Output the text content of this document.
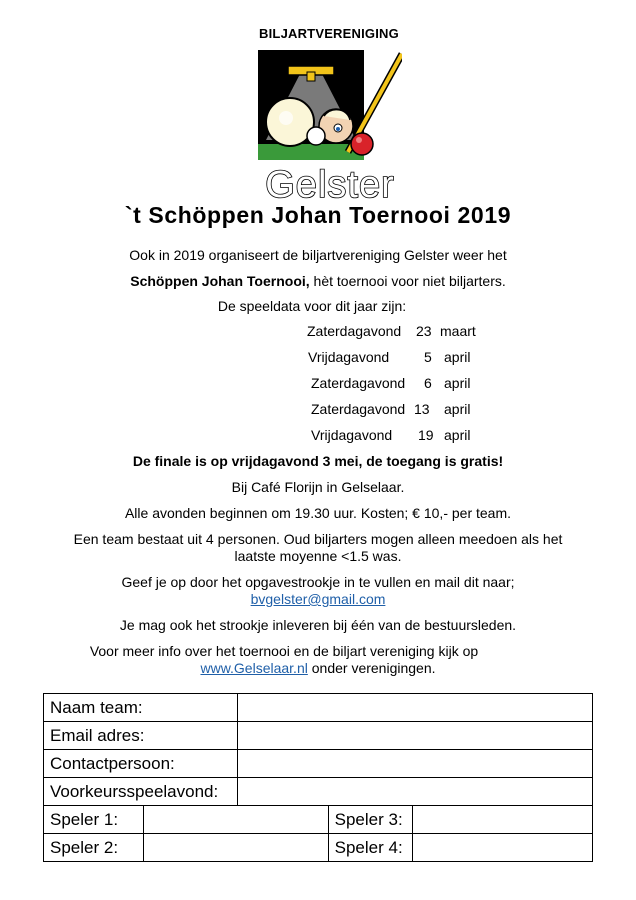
BILJARTVERENIGING
Gelster
`t Schöppen Johan Toernooi 2019
Ook in 2019 organiseert de biljartvereniging Gelster weer het
Schöppen Johan Toernooi, hèt toernooi voor niet biljarters.
De speeldata voor dit jaar zijn:
Zaterdagavond 23 maart
Vrijdagavond 5 april
Zaterdagavond 6 april
Zaterdagavond 13 april
Vrijdagavond 19 april
De finale is op vrijdagavond 3 mei, de toegang is gratis!
Bij Café Florijn in Gelselaar.
Alle avonden beginnen om 19.30 uur. Kosten; € 10,- per team.
Een team bestaat uit 4 personen. Oud biljarters mogen alleen meedoen als het
laatste moyenne <1.5 was.
Geef je op door het opgavestrookje in te vullen en mail dit naar;
bvgelster@gmail.com
Je mag ook het strookje inleveren bij één van de bestuursleden.
Voor meer info over het toernooi en de biljart vereniging kijk op
www.Gelselaar.nl onder verenigingen.
Naam team:				
Email adres:				
Contactpersoon:				
Voorkeursspeelavond:				
Speler 1:			Speler 3:	
Speler 2:			Speler 4:	
